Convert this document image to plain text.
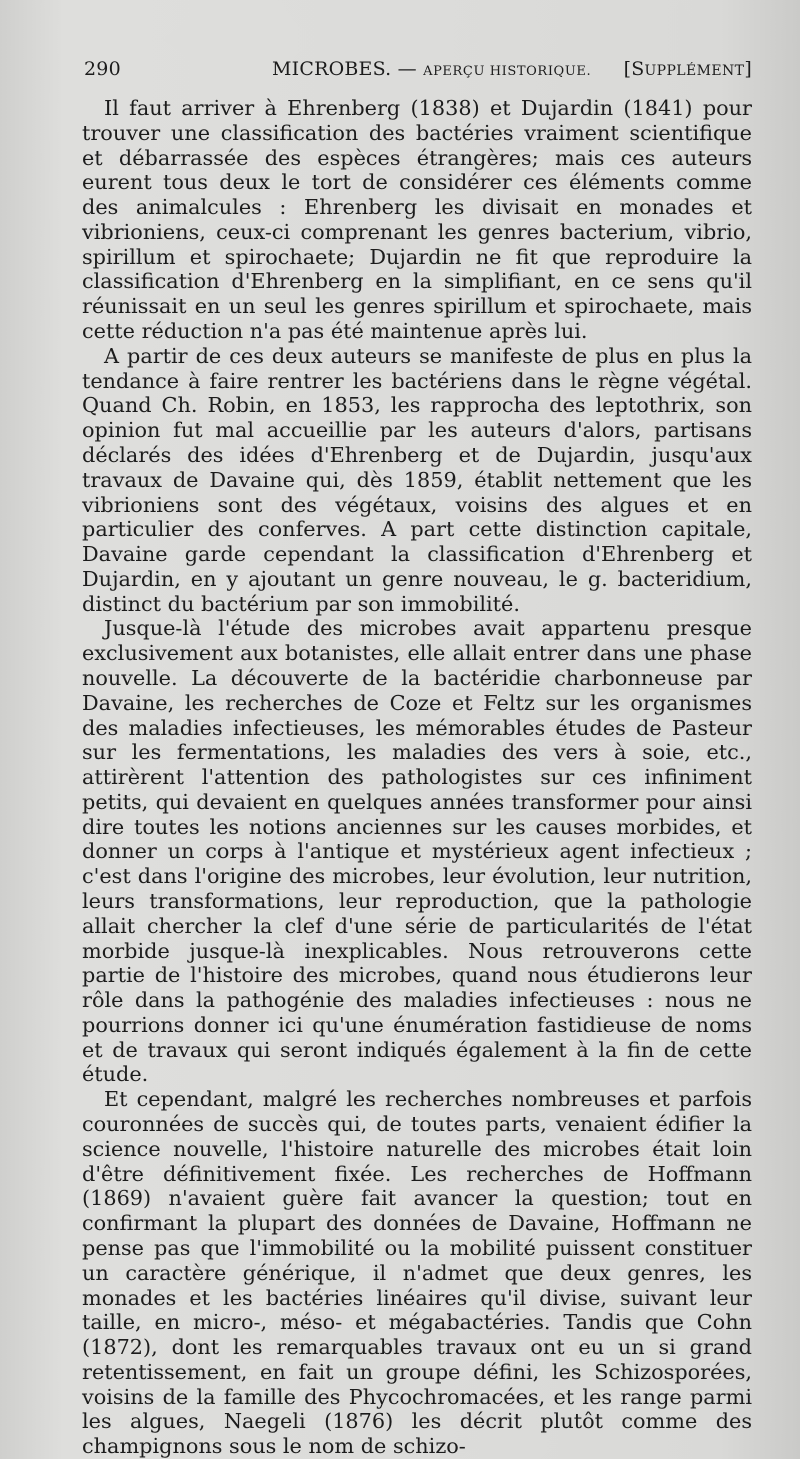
290	MICROBES. — APERÇU HISTORIQUE. [SUPPLÉMENT]

Il faut arriver à Ehrenberg (1838) et Dujardin (1841) pour trouver une classification des bactéries vraiment scientifique et débarrassée des espèces étrangères; mais ces auteurs eurent tous deux le tort de considérer ces éléments comme des animalcules : Ehrenberg les divisait en monades et vibrioniens, ceux-ci comprenant les genres bacterium, vibrio, spirillum et spirochaete; Dujardin ne fit que reproduire la classification d'Ehrenberg en la simplifiant, en ce sens qu'il réunissait en un seul les genres spirillum et spirochaete, mais cette réduction n'a pas été maintenue après lui.

A partir de ces deux auteurs se manifeste de plus en plus la tendance à faire rentrer les bactériens dans le règne végétal. Quand Ch. Robin, en 1853, les rapprocha des leptothrix, son opinion fut mal accueillie par les auteurs d'alors, partisans déclarés des idées d'Ehrenberg et de Dujardin, jusqu'aux travaux de Davaine qui, dès 1859, établit nettement que les vibrioniens sont des végétaux, voisins des algues et en particulier des conferves. A part cette distinction capitale, Davaine garde cependant la classification d'Ehrenberg et Dujardin, en y ajoutant un genre nouveau, le g. bacteridium, distinct du bactérium par son immobilité.

Jusque-là l'étude des microbes avait appartenu presque exclusivement aux botanistes, elle allait entrer dans une phase nouvelle. La découverte de la bactéridie charbonneuse par Davaine, les recherches de Coze et Feltz sur les organismes des maladies infectieuses, les mémorables études de Pasteur sur les fermentations, les maladies des vers à soie, etc., attirèrent l'attention des pathologistes sur ces infiniment petits, qui devaient en quelques années transformer pour ainsi dire toutes les notions anciennes sur les causes morbides, et donner un corps à l'antique et mystérieux agent infectieux ; c'est dans l'origine des microbes, leur évolution, leur nutrition, leurs transformations, leur reproduction, que la pathologie allait chercher la clef d'une série de particularités de l'état morbide jusque-là inexplicables. Nous retrouverons cette partie de l'histoire des microbes, quand nous étudierons leur rôle dans la pathogénie des maladies infectieuses : nous ne pourrions donner ici qu'une énumération fastidieuse de noms et de travaux qui seront indiqués également à la fin de cette étude.

Et cependant, malgré les recherches nombreuses et parfois couronnées de succès qui, de toutes parts, venaient édifier la science nouvelle, l'histoire naturelle des microbes était loin d'être définitivement fixée. Les recherches de Hoffmann (1869) n'avaient guère fait avancer la question; tout en confirmant la plupart des données de Davaine, Hoffmann ne pense pas que l'immobilité ou la mobilité puissent constituer un caractère générique, il n'admet que deux genres, les monades et les bactéries linéaires qu'il divise, suivant leur taille, en micro-, méso- et mégabactéries. Tandis que Cohn (1872), dont les remarquables travaux ont eu un si grand retentissement, en fait un groupe défini, les Schizosporées, voisins de la famille des Phycochromacées, et les range parmi les algues, Naegeli (1876) les décrit plutôt comme des champignons sous le nom de schizo-
